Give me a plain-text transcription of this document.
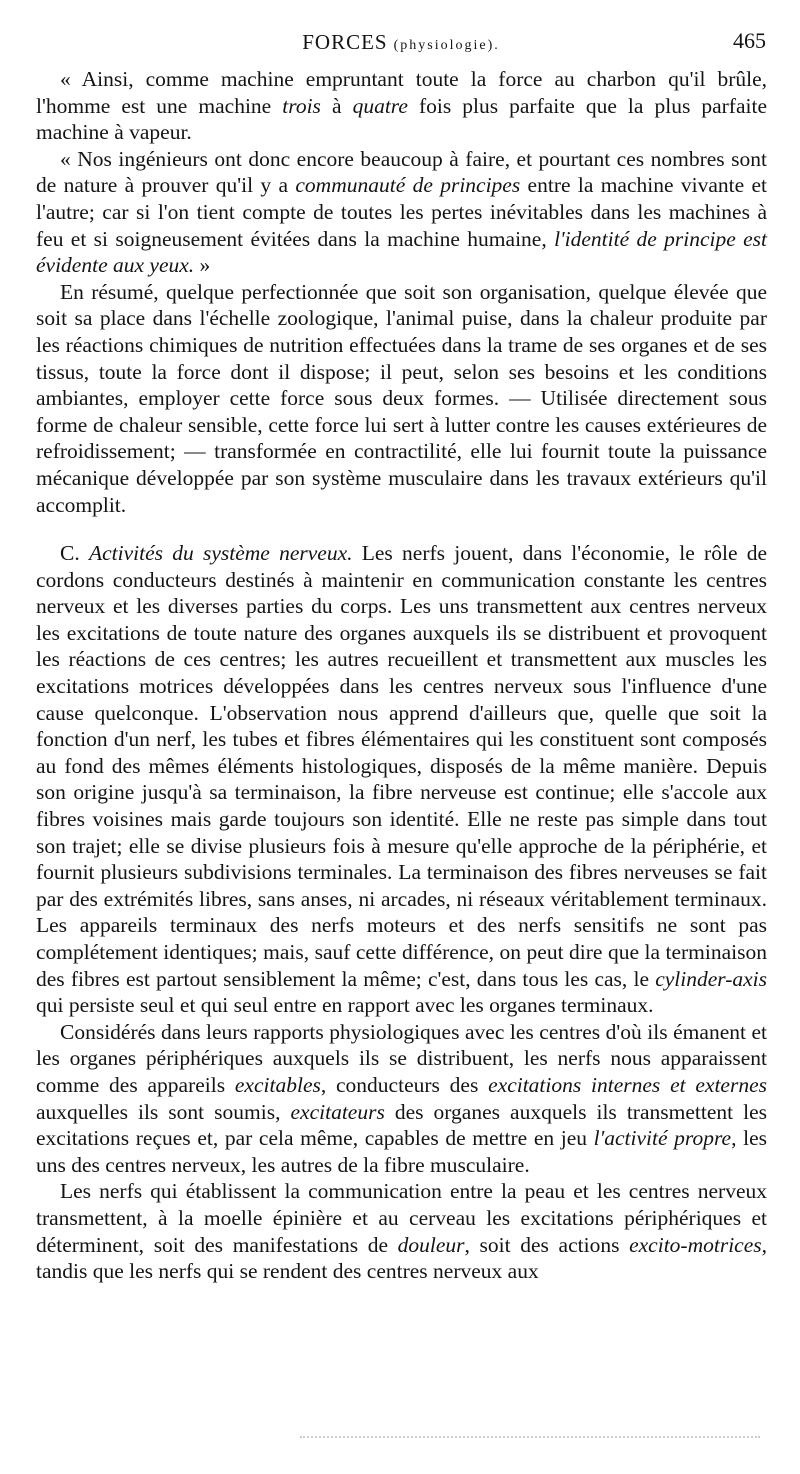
FORCES (physiologie).	465

« Ainsi, comme machine empruntant toute la force au charbon qu'il brûle, l'homme est une machine trois à quatre fois plus parfaite que la plus parfaite machine à vapeur.

« Nos ingénieurs ont donc encore beaucoup à faire, et pourtant ces nombres sont de nature à prouver qu'il y a communauté de principes entre la machine vivante et l'autre; car si l'on tient compte de toutes les pertes inévitables dans les machines à feu et si soigneusement évitées dans la machine humaine, l'identité de principe est évidente aux yeux. »

En résumé, quelque perfectionnée que soit son organisation, quelque élevée que soit sa place dans l'échelle zoologique, l'animal puise, dans la chaleur produite par les réactions chimiques de nutrition effectuées dans la trame de ses organes et de ses tissus, toute la force dont il dispose; il peut, selon ses besoins et les conditions ambiantes, employer cette force sous deux formes. — Utilisée directement sous forme de chaleur sensible, cette force lui sert à lutter contre les causes extérieures de refroidissement; — transformée en contractilité, elle lui fournit toute la puissance mécanique développée par son système musculaire dans les travaux extérieurs qu'il accomplit.

C. Activités du système nerveux. Les nerfs jouent, dans l'économie, le rôle de cordons conducteurs destinés à maintenir en communication constante les centres nerveux et les diverses parties du corps. Les uns transmettent aux centres nerveux les excitations de toute nature des organes auxquels ils se distribuent et provoquent les réactions de ces centres; les autres recueillent et transmettent aux muscles les excitations motrices développées dans les centres nerveux sous l'influence d'une cause quelconque. L'observation nous apprend d'ailleurs que, quelle que soit la fonction d'un nerf, les tubes et fibres élémentaires qui les constituent sont composés au fond des mêmes éléments histologiques, disposés de la même manière. Depuis son origine jusqu'à sa terminaison, la fibre nerveuse est continue; elle s'accole aux fibres voisines mais garde toujours son identité. Elle ne reste pas simple dans tout son trajet; elle se divise plusieurs fois à mesure qu'elle approche de la périphérie, et fournit plusieurs subdivisions terminales. La terminaison des fibres nerveuses se fait par des extrémités libres, sans anses, ni arcades, ni réseaux véritablement terminaux. Les appareils terminaux des nerfs moteurs et des nerfs sensitifs ne sont pas complétement identiques; mais, sauf cette différence, on peut dire que la terminaison des fibres est partout sensiblement la même; c'est, dans tous les cas, le cylinder-axis qui persiste seul et qui seul entre en rapport avec les organes terminaux.

Considérés dans leurs rapports physiologiques avec les centres d'où ils émanent et les organes périphériques auxquels ils se distribuent, les nerfs nous apparaissent comme des appareils excitables, conducteurs des excitations internes et externes auxquelles ils sont soumis, excitateurs des organes auxquels ils transmettent les excitations reçues et, par cela même, capables de mettre en jeu l'activité propre, les uns des centres nerveux, les autres de la fibre musculaire.

Les nerfs qui établissent la communication entre la peau et les centres nerveux transmettent, à la moelle épinière et au cerveau les excitations périphériques et déterminent, soit des manifestations de douleur, soit des actions excito-motrices, tandis que les nerfs qui se rendent des centres nerveux aux
